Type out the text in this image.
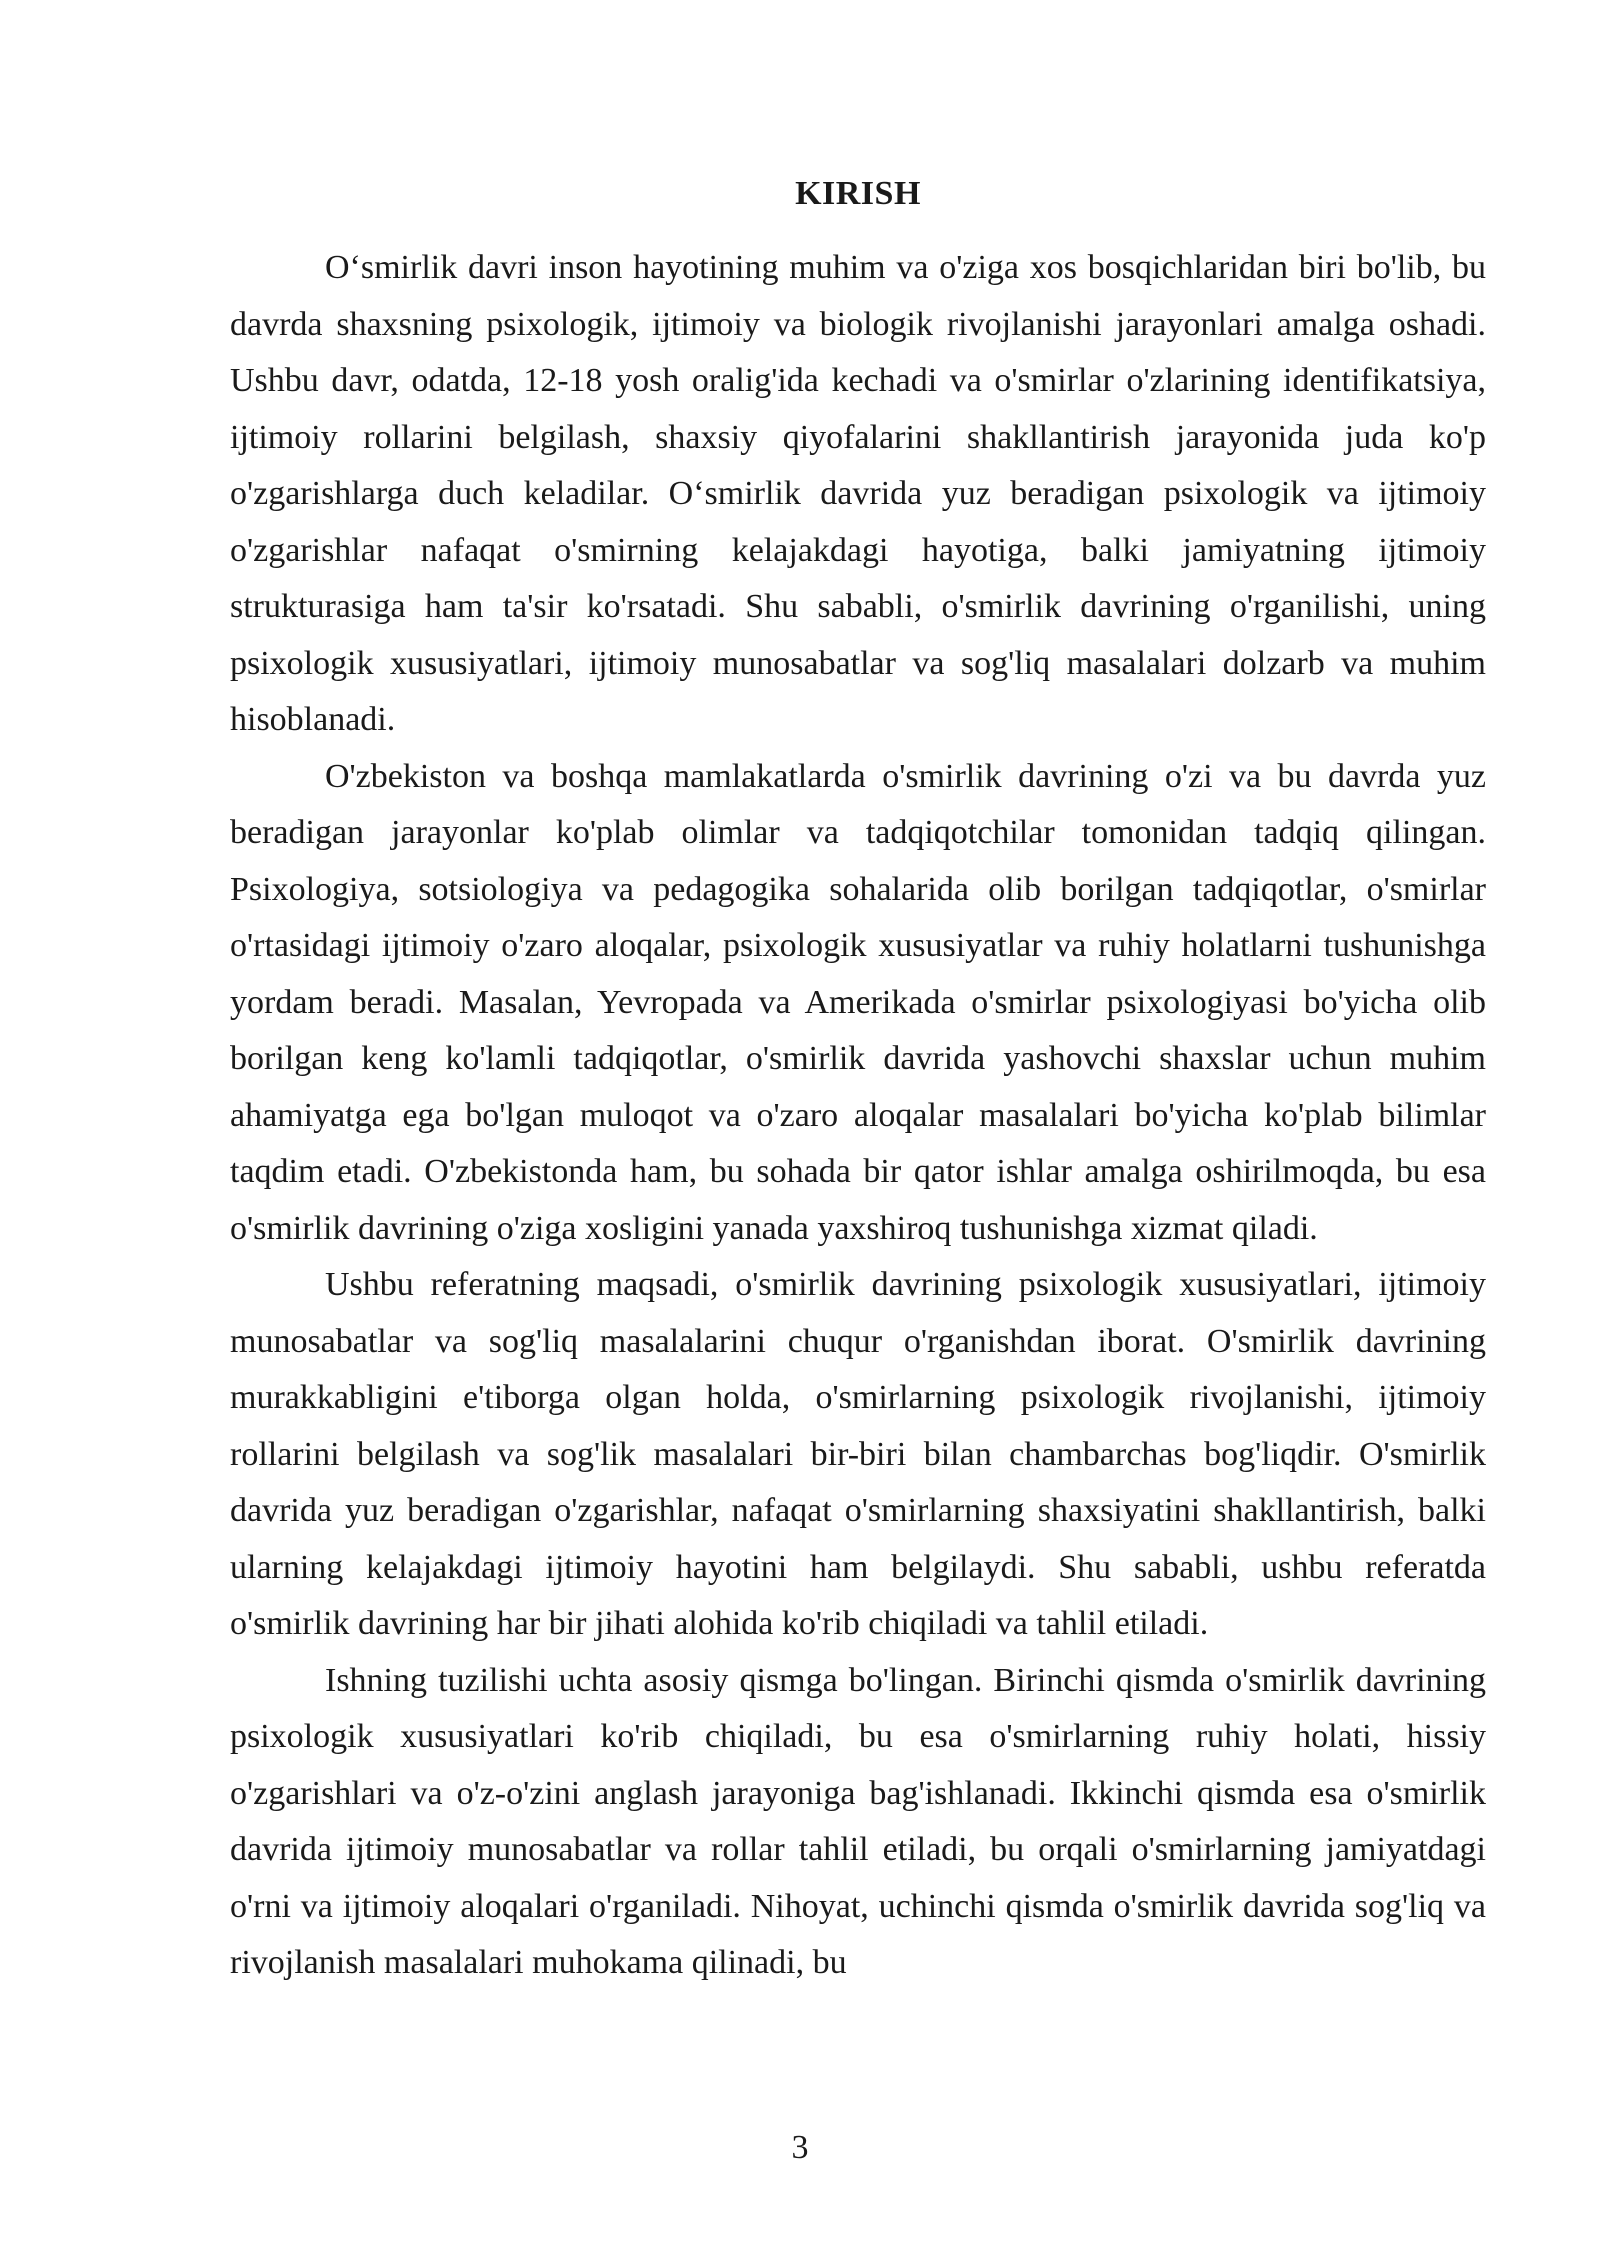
KIRISH

O‘smirlik davri inson hayotining muhim va o'ziga xos bosqichlaridan biri bo'lib, bu davrda shaxsning psixologik, ijtimoiy va biologik rivojlanishi jarayonlari amalga oshadi. Ushbu davr, odatda, 12-18 yosh oralig'ida kechadi va o'smirlar o'zlarining identifikatsiya, ijtimoiy rollarini belgilash, shaxsiy qiyofalarini shakllantirish jarayonida juda ko'p o'zgarishlarga duch keladilar. O‘smirlik davrida yuz beradigan psixologik va ijtimoiy o'zgarishlar nafaqat o'smirning kelajakdagi hayotiga, balki jamiyatning ijtimoiy strukturasiga ham ta'sir ko'rsatadi. Shu sababli, o'smirlik davrining o'rganilishi, uning psixologik xususiyatlari, ijtimoiy munosabatlar va sog'liq masalalari dolzarb va muhim hisoblanadi.

O'zbekiston va boshqa mamlakatlarda o'smirlik davrining o'zi va bu davrda yuz beradigan jarayonlar ko'plab olimlar va tadqiqotchilar tomonidan tadqiq qilingan. Psixologiya, sotsiologiya va pedagogika sohalarida olib borilgan tadqiqotlar, o'smirlar o'rtasidagi ijtimoiy o'zaro aloqalar, psixologik xususiyatlar va ruhiy holatlarni tushunishga yordam beradi. Masalan, Yevropada va Amerikada o'smirlar psixologiyasi bo'yicha olib borilgan keng ko'lamli tadqiqotlar, o'smirlik davrida yashovchi shaxslar uchun muhim ahamiyatga ega bo'lgan muloqot va o'zaro aloqalar masalalari bo'yicha ko'plab bilimlar taqdim etadi. O'zbekistonda ham, bu sohada bir qator ishlar amalga oshirilmoqda, bu esa o'smirlik davrining o'ziga xosligini yanada yaxshiroq tushunishga xizmat qiladi.

Ushbu referatning maqsadi, o'smirlik davrining psixologik xususiyatlari, ijtimoiy munosabatlar va sog'liq masalalarini chuqur o'rganishdan iborat. O'smirlik davrining murakkabligini e'tiborga olgan holda, o'smirlarning psixologik rivojlanishi, ijtimoiy rollarini belgilash va sog'lik masalalari bir-biri bilan chambarchas bog'liqdir. O'smirlik davrida yuz beradigan o'zgarishlar, nafaqat o'smirlarning shaxsiyatini shakllantirish, balki ularning kelajakdagi ijtimoiy hayotini ham belgilaydi. Shu sababli, ushbu referatda o'smirlik davrining har bir jihati alohida ko'rib chiqiladi va tahlil etiladi.

Ishning tuzilishi uchta asosiy qismga bo'lingan. Birinchi qismda o'smirlik davrining psixologik xususiyatlari ko'rib chiqiladi, bu esa o'smirlarning ruhiy holati, hissiy o'zgarishlari va o'z-o'zini anglash jarayoniga bag'ishlanadi. Ikkinchi qismda esa o'smirlik davrida ijtimoiy munosabatlar va rollar tahlil etiladi, bu orqali o'smirlarning jamiyatdagi o'rni va ijtimoiy aloqalari o'rganiladi. Nihoyat, uchinchi qismda o'smirlik davrida sog'liq va rivojlanish masalalari muhokama qilinadi, bu

3
